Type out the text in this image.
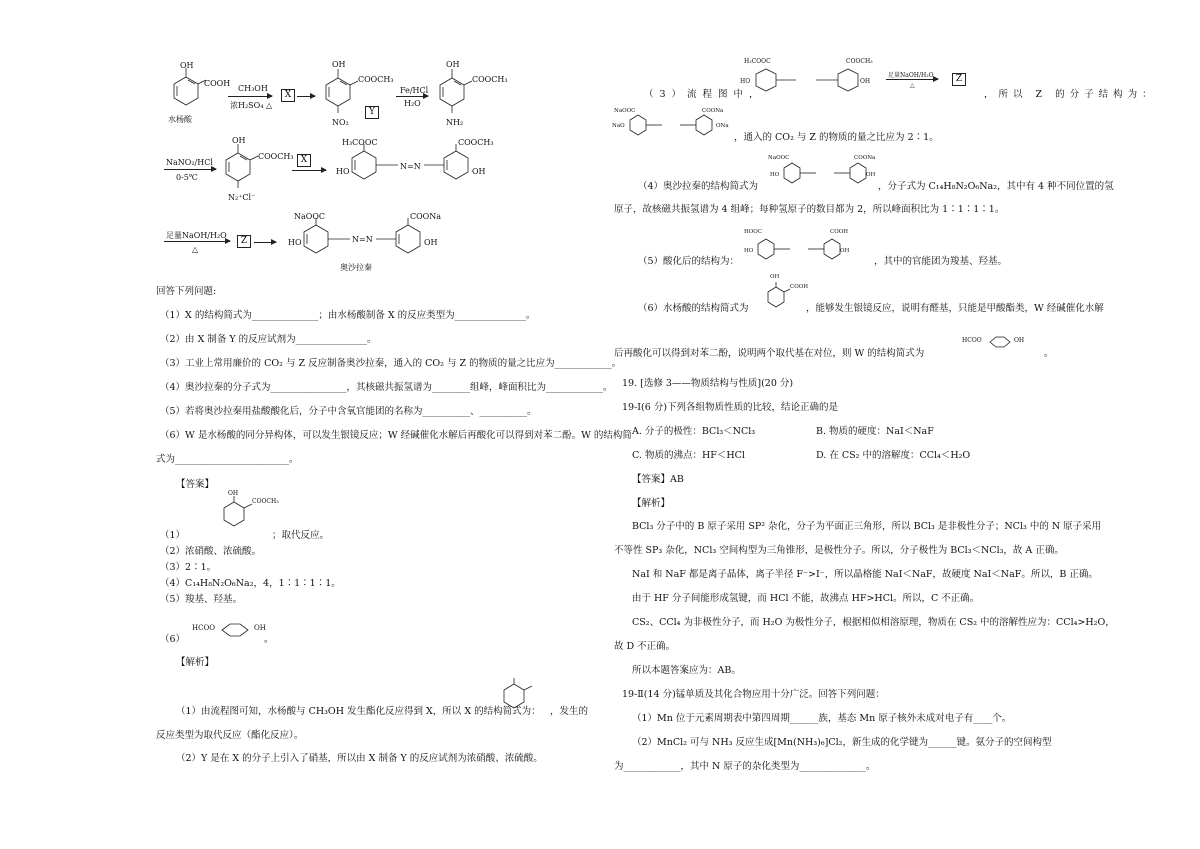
OH
COOH
水杨酸
CH₃OH
浓H₂SO₄ △
X
OH
COOCH₃
NO₂
Y
Fe/HCl
H₂O
OH
COOCH₃
NH₂
NaNO₂/HCl
0-5℃
OH
COOCH₃
N₂⁺Cl⁻
X
H₃COOC	COOCH₃
HO
N=N
OH
足量NaOH/H₂O
△
Z
NaOOC	COONa
HO	N=N	OH
奥沙拉秦
回答下列问题:
（1）X 的结构简式为______________；由水杨酸制备 X 的反应类型为_______________。
（2）由 X 制备 Y 的反应试剂为_______________。
（3）工业上常用廉价的 CO₂ 与 Z 反应制备奥沙拉秦，通入的 CO₂ 与 Z 的物质的量之比应为____________。
（4）奥沙拉秦的分子式为________________，其核磁共振氢谱为________组峰，峰面积比为____________。
（5）若将奥沙拉秦用盐酸酸化后，分子中含氧官能团的名称为__________、__________。
（6）W 是水杨酸的同分异构体，可以发生银镜反应；W 经碱催化水解后再酸化可以得到对苯二酚。W 的结构简
式为________________________。
【答案】
OH
COOCH₃
（1）	；取代反应。
（2）浓硝酸、浓硫酸。
（3）2∶1。
（4）C₁₄H₈N₂O₆Na₂，4，1∶1∶1∶1。
（5）羧基、羟基。
HCOO	OH
（6）	。
【解析】
（1）由流程图可知，水杨酸与 CH₃OH 发生酯化反应得到 X，所以 X 的结构简式为： ，发生的
反应类型为取代反应（酯化反应）。
（2）Y 是在 X 的分子上引入了硝基，所以由 X 制备 Y 的反应试剂为浓硝酸、浓硫酸。
（3）流程图中，
H₃COOC	COOCH₃
HO	OH
足量NaOH/H₂O
△
Z
，所以 Z 的分子结构为：
NaOOC	COONa
NaO	ONa
，通入的 CO₂ 与 Z 的物质的量之比应为 2∶1。
NaOOC	COONa
HO	OH
（4）奥沙拉秦的结构简式为	，分子式为 C₁₄H₈N₂O₆Na₂，其中有 4 种不同位置的氢
原子，故核磁共振氢谱为 4 组峰；每种氢原子的数目都为 2，所以峰面积比为 1∶1∶1∶1。
HOOC	COOH
HO	OH
（5）酸化后的结构为：	，其中的官能团为羧基、羟基。
OH
COOH
（6）水杨酸的结构简式为	，能够发生银镜反应，说明有醛基，只能是甲酸酯类，W 经碱催化水解
HCOO	OH
后再酸化可以得到对苯二酚，说明两个取代基在对位，则 W 的结构简式为	。
19. [选修 3——物质结构与性质](20 分)
19-Ⅰ(6 分)下列各组物质性质的比较，结论正确的是
A. 分子的极性：BCl₃＜NCl₃	B. 物质的硬度：NaI＜NaF
C. 物质的沸点：HF＜HCl	D. 在 CS₂ 中的溶解度：CCl₄＜H₂O
【答案】AB
【解析】
BCl₃ 分子中的 B 原子采用 SP² 杂化，分子为平面正三角形，所以 BCl₃ 是非极性分子；NCl₃ 中的 N 原子采用
不等性 SP₃ 杂化，NCl₃ 空间构型为三角锥形，是极性分子。所以，分子极性为 BCl₃＜NCl₃，故 A 正确。
NaI 和 NaF 都是离子晶体，离子半径 F⁻>I⁻，所以晶格能 NaI＜NaF，故硬度 NaI＜NaF。所以，B 正确。
由于 HF 分子间能形成氢键，而 HCl 不能，故沸点 HF>HCl。所以，C 不正确。
CS₂、CCl₄ 为非极性分子，而 H₂O 为极性分子，根据相似相溶原理，物质在 CS₂ 中的溶解性应为：CCl₄>H₂O，
故 D 不正确。
所以本题答案应为：AB。
19-Ⅱ(14 分)锰单质及其化合物应用十分广泛。回答下列问题：
（1）Mn 位于元素周期表中第四周期______族，基态 Mn 原子核外未成对电子有____个。
（2）MnCl₂ 可与 NH₃ 反应生成[Mn(NH₃)₆]Cl₂，新生成的化学键为______键。氨分子的空间构型
为____________，其中 N 原子的杂化类型为______________。
